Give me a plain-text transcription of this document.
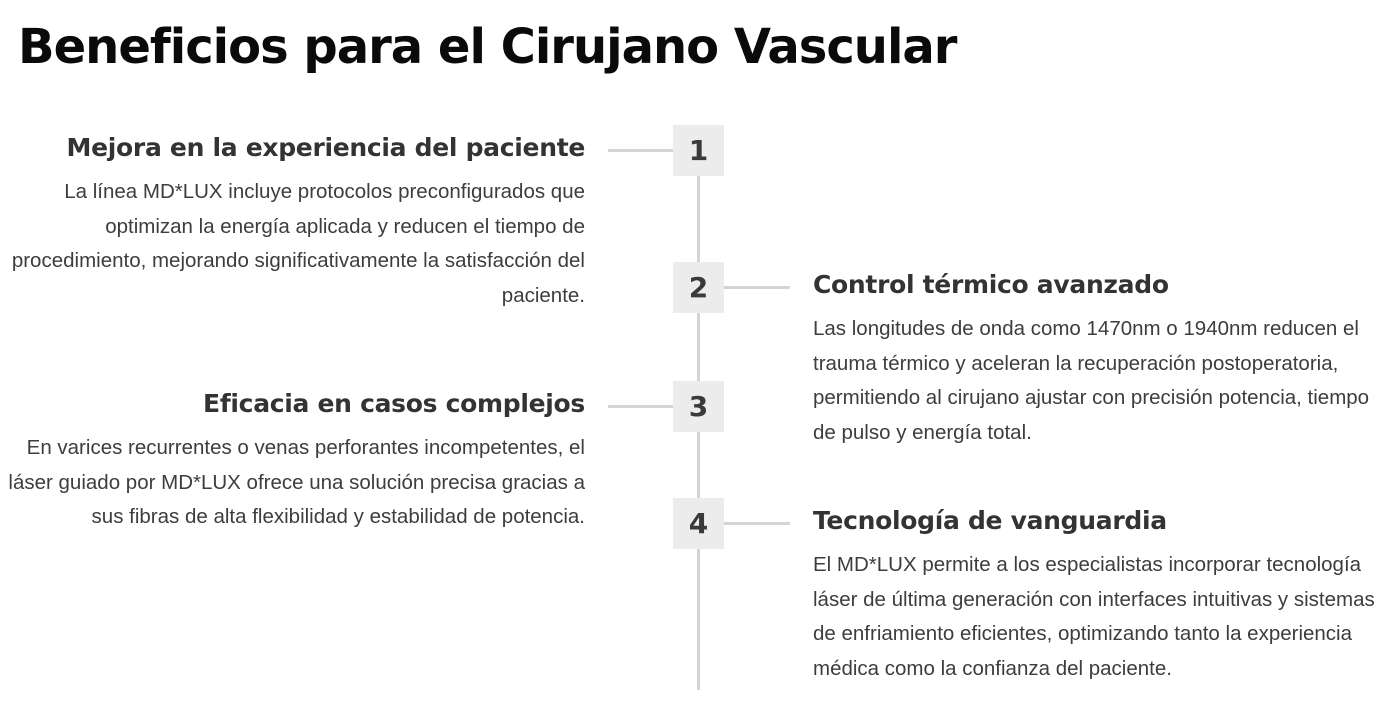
Beneficios para el Cirujano Vascular
1
Mejora en la experiencia del paciente

La línea MD*LUX incluye protocolos preconfigurados que optimizan la energía aplicada y reducen el tiempo de procedimiento, mejorando significativamente la satisfacción del paciente.	2	Control térmico avanzado

Las longitudes de onda como 1470nm o 1940nm reducen el trauma térmico y aceleran la recuperación postoperatoria, permitiendo al cirujano ajustar con precisión potencia, tiempo de pulso y energía total.

3
Eficacia en casos complejos

En varices recurrentes o venas perforantes incompetentes, el láser guiado por MD*LUX ofrece una solución precisa gracias a sus fibras de alta flexibilidad y estabilidad de potencia.	4	Tecnología de vanguardia

El MD*LUX permite a los especialistas incorporar tecnología láser de última generación con interfaces intuitivas y sistemas de enfriamiento eficientes, optimizando tanto la experiencia médica como la confianza del paciente.
